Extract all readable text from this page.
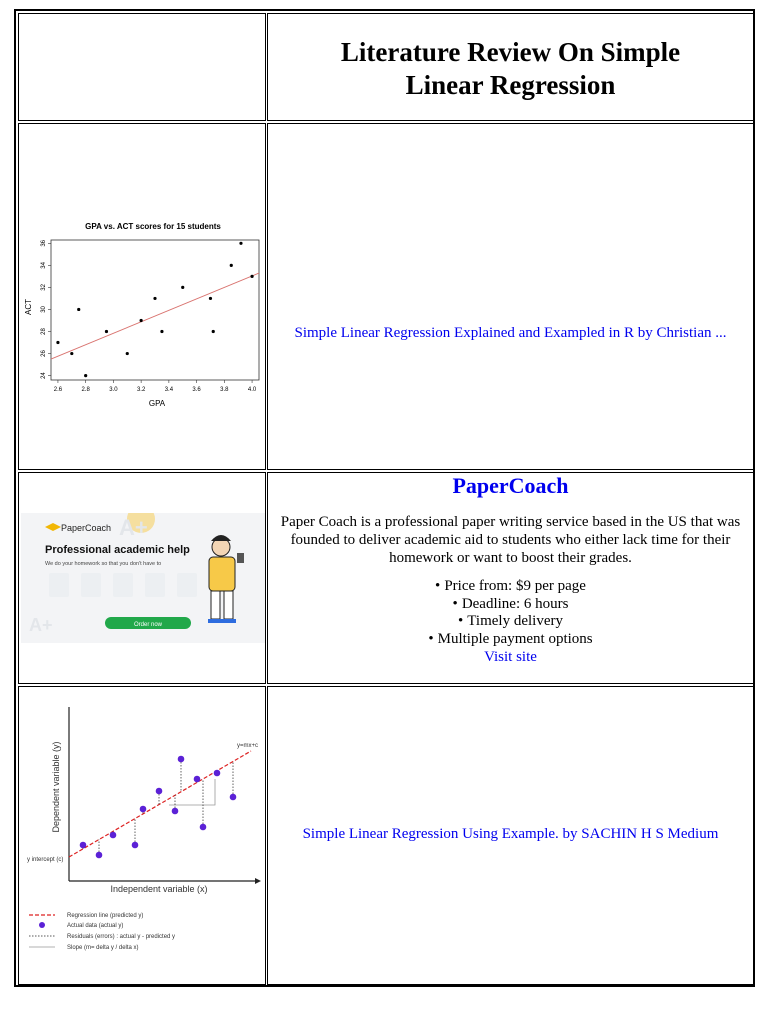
Literature Review On Simple
Linear Regression
GPA vs. ACT scores for 15 students
GPA
ACT
2.6	2.8	3.0	3.2	3.4	3.6	3.8	4.0
24
26
28
30
32
34
36
Simple Linear Regression Explained and Exampled in R by Christian ...
A+
A+
PaperCoach
Professional academic help
We do your homework so that you don't have to
Order now
PaperCoach
Paper Coach is a professional paper writing service based in the US that was founded to deliver academic aid to students who either lack time for their homework or want to boost their grades.
• Price from: $9 per page
• Deadline: 6 hours
• Timely delivery
• Multiple payment options
Visit site
Dependent variable (y)
Independent variable (x)
y intercept (c)
y=mx+c
Regression line (predicted y)
Actual data (actual y)
Residuals (errors) : actual y - predicted y
Slope (m= delta y / delta x)
Simple Linear Regression Using Example. by SACHIN H S Medium
